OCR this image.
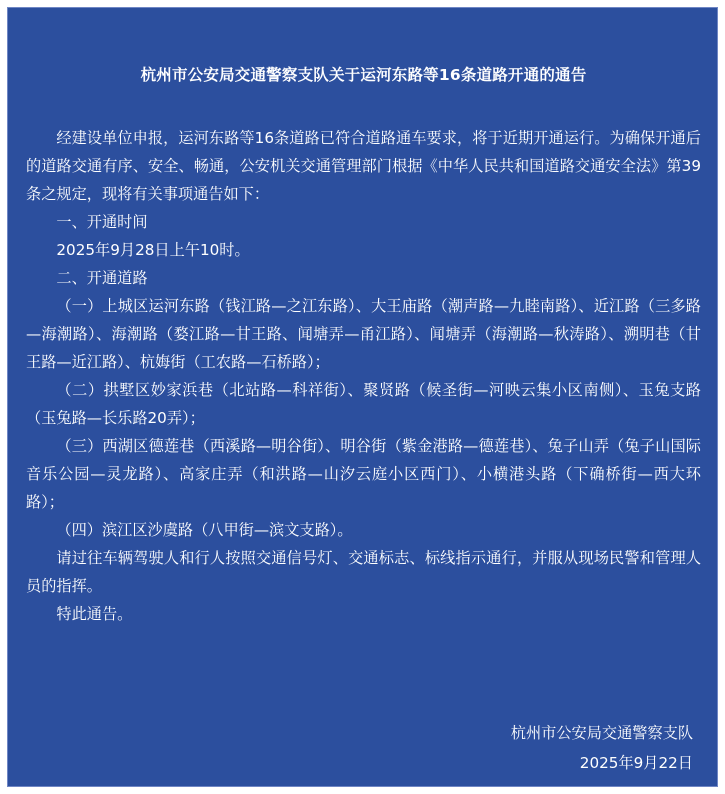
杭州市公安局交通警察支队关于运河东路等16条道路开通的通告

经建设单位申报，运河东路等16条道路已符合道路通车要求，将于近期开通运行。为确保开通后的道路交通有序、安全、畅通，公安机关交通管理部门根据《中华人民共和国道路交通安全法》第39条之规定，现将有关事项通告如下：

一、开通时间

2025年9月28日上午10时。

二、开通道路

（一）上城区运河东路（钱江路—之江东路）、大王庙路（潮声路—九睦南路）、近江路（三多路—海潮路）、海潮路（婺江路—甘王路、闻塘弄—甬江路）、闻塘弄（海潮路—秋涛路）、溯明巷（甘王路—近江路）、杭娒街（工农路—石桥路）；

（二）拱墅区妙家浜巷（北站路—科祥街）、聚贤路（候圣街—河映云集小区南侧）、玉兔支路（玉兔路—长乐路20弄）；

（三）西湖区德莲巷（西溪路—明谷街）、明谷街（紫金港路—德莲巷）、兔子山弄（兔子山国际音乐公园—灵龙路）、高家庄弄（和洪路—山汐云庭小区西门）、小横港头路（下确桥街—西大环路）；

（四）滨江区沙虞路（八甲街—滨文支路）。

请过往车辆驾驶人和行人按照交通信号灯、交通标志、标线指示通行，并服从现场民警和管理人员的指挥。

特此通告。

杭州市公安局交通警察支队
2025年9月22日
